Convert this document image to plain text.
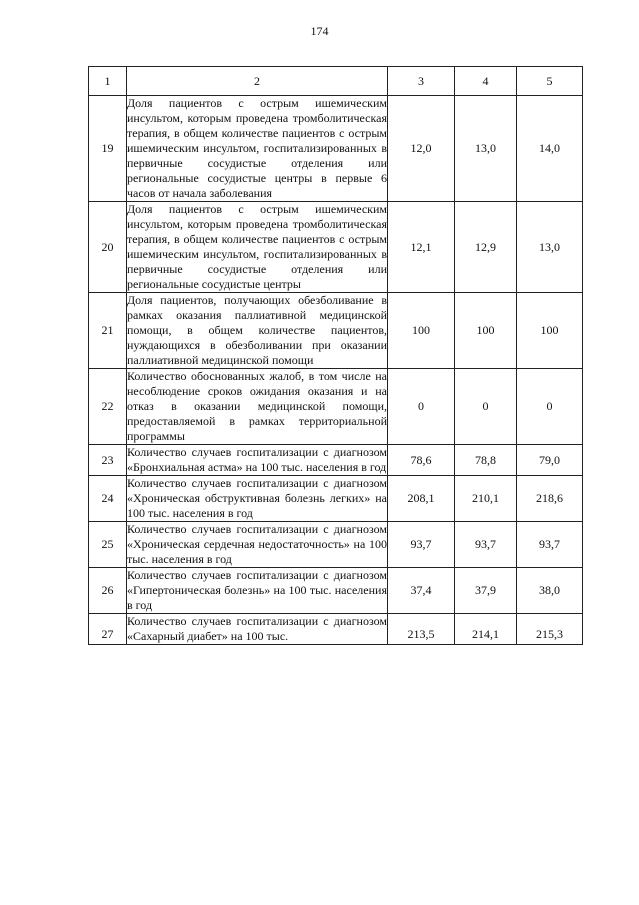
174
1	2	3	4	5
19	Доля пациентов с острым ишемическим инсультом, которым проведена тромболитическая терапия, в общем количестве пациентов с острым ишемическим инсультом, госпитализированных в первичные сосудистые отделения или региональные сосудистые центры в первые 6 часов от начала заболевания	12,0	13,0	14,0
20	Доля пациентов с острым ишемическим инсультом, которым проведена тромболитическая терапия, в общем количестве пациентов с острым ишемическим инсультом, госпитализированных в первичные сосудистые отделения или региональные сосудистые центры	12,1	12,9	13,0
21	Доля пациентов, получающих обезболивание в рамках оказания паллиативной медицинской помощи, в общем количестве пациентов, нуждающихся в обезболивании при оказании паллиативной медицинской помощи	100	100	100
22	Количество обоснованных жалоб, в том числе на несоблюдение сроков ожидания оказания и на отказ в оказании медицинской помощи, предоставляемой в рамках территориальной программы	0	0	0
23	Количество случаев госпитализации с диагнозом «Бронхиальная астма» на 100 тыс. населения в год	78,6	78,8	79,0
24	Количество случаев госпитализации с диагнозом «Хроническая обструктивная болезнь легких» на 100 тыс. населения в год	208,1	210,1	218,6
25	Количество случаев госпитализации с диагнозом «Хроническая сердечная недостаточность» на 100 тыс. населения в год	93,7	93,7	93,7
26	Количество случаев госпитализации с диагнозом «Гипертоническая болезнь» на 100 тыс. населения в год	37,4	37,9	38,0
27	Количество случаев госпитализации с диагнозом «Сахарный диабет» на 100 тыс.	213,5	214,1	215,3
